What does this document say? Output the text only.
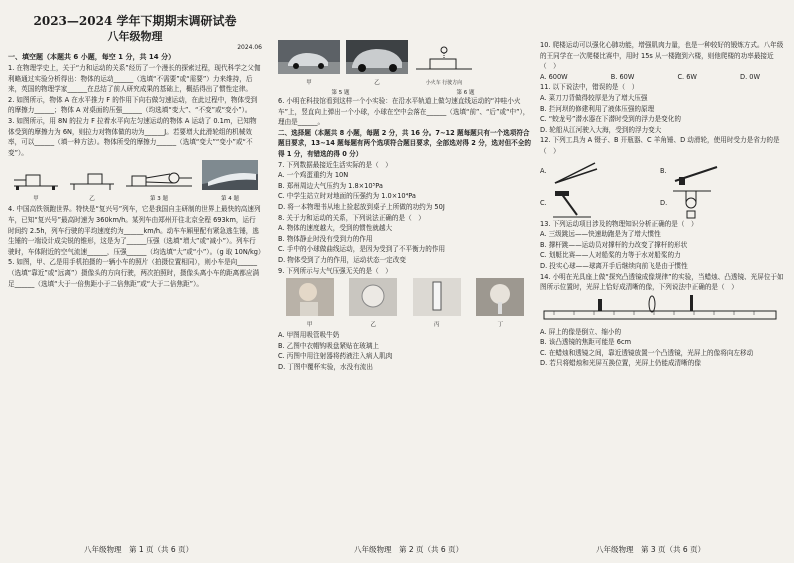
2023—2024 学年下期期末调研试卷
八年级物理
2024.06
一、填空题（本题共 6 小题，每空 1 分，共 14 分）

1. 在物理学史上，关于“力和运动的关系”经历了一个漫长的探索过程，现代科学之父伽利略通过实验分析得出：物体的运动______（选填“不需要”或“需要”）力来维持，后来，英国的物理学家______在总结了前人研究成果的基础上，概括得出了惯性定律。

2. 如图所示，物体 A 在水平推力 F 的作用下向右做匀速运动，在此过程中，物体受到的摩擦力______；物体 A 对桌面的压强______（均选填“变大”、“不变”或“变小”）。

3. 如图所示，用 8N 的拉力 F 拉着水平向左匀速运动的物体 A 运动了 0.1m，已知物体受到的摩擦力为 6N，则拉力对物体做的功为______J。若要增大此滑轮组的机械效率，可以______（填一种方法）。物体所受的摩擦力______（选填“变大”“变小”或“不变”）。

甲	乙	第 3 题	第 4 题

4. 中国高铁领跑世界。特快是“复兴号”列车，它是我国自主研制的世界上最快的高速列车，已知“复兴号”最高时速为 360km/h。某列车由郑州开往北京全程 693km，运行时间约 2.5h，列车行驶的平均速度约为______km/h。动车车厢里配有紧急逃生锤，逃生锤的一端设计成尖锐的锥形，这是为了______压强（选填“增大”或“减小”）。列车行驶时，车体附近的空气流速______，压强______（均选填“大”或“小”）。（g 取 10N/kg）

5. 如图，甲、乙是用手机拍摄的一辆小车的照片（拍摄位置相同），则小车是向______（选填“靠近”或“远离”）摄像头的方向行驶，两次拍照时，摄像头离小车的距离都应满足______（选填“大于一倍焦距小于二倍焦距”或“大于二倍焦距”）。

八年级物理　第 1 页（共 6 页）
甲	乙	小火车 行驶方向
第 5 题	第 6 题

6. 小明在科技馆看到这样一个小实验：在沿水平轨道上做匀速直线运动的“冲哇小火车”上，竖直向上弹出一个小球，小球在空中会落在______（选填“前”、“后”或“中”），理由是______。

二、选择题（本题共 8 小题，每题 2 分，共 16 分。7~12 题每题只有一个选项符合题目要求，13~14 题每题有两个选项符合题目要求，全部选对得 2 分，选对但不全的得 1 分，有错选的得 0 分）

7. 下列数据最接近生活实际的是（　）

A. 一个鸡蛋重约为 10N

B. 郑州周边大气压约为 1.8×10⁵Pa

C. 中学生站立时对地面的压强约为 1.0×10⁴Pa

D. 将一本物理书从地上捡起放到桌子上所做的功约为 50J

8. 关于力和运动的关系，下列说法正确的是（　）

A. 物体的速度越大，受到的惯性就越大

B. 物体静止时没有受到力的作用

C. 手中的小球做曲线运动，是因为受到了不平衡力的作用

D. 物体受到了力的作用，运动状态一定改变

9. 下列所示与大气压强无关的是（　）

甲	乙	丙	丁

A. 甲图用吸管吸牛奶

B. 乙图中衣帽钩吸盘紧贴在玻璃上

C. 丙图中用注射器将药液注入病人肌肉

D. 丁图中覆杯实验，水没有流出

八年级物理　第 2 页（共 6 页）

10. 爬楼运动可以强化心肺功能，增强肌肉力量，也是一种较好的锻炼方式。八年级的王同学在一次爬楼比赛中，用时 15s 从一楼跑到六楼，则他爬楼的功率最接近（　）

A. 600W	B. 60W	C. 6W	D. 0W

11. 以下说法中，错误的是（　）

A. 菜刀刀背做得较厚是为了增大压强

B. 拦河坝的修建利用了液体压强的原理

C. “蛟龙号”潜水器在下潜时受到的浮力是变化的

D. 轮船从江河驶入大海，受到的浮力变大

12. 下列工具为 A 镊子、B 开瓶器、C 羊角锤、D 动滑轮，使用时受力是省力的是（　）

A.	B.
C.	D.

13. 下列运动项目涉及的物理知识分析正确的是（　）

A. 三级跳远——快速助跑是为了增大惯性

B. 撑杆跳——运动员对撑杆的力改变了撑杆的形状

C. 划艇比赛——人对船桨的力等于水对船桨的力

D. 投实心球——球离开手后继续向前飞是由于惯性

14. 小明在光具座上做“探究凸透镜成像规律”的实验，当蜡烛、凸透镜、光屏位于如图所示位置时，光屏上恰好成清晰的像，下列说法中正确的是（　）

A. 屏上的像是倒立、缩小的

B. 该凸透镜的焦距可能是 6cm

C. 在蜡烛和透镜之间，靠近透镜放置一个凸透镜，光屏上的像将向左移动

D. 若只将蜡烛和光屏互换位置，光屏上仍能成清晰的像

八年级物理　第 3 页（共 6 页）
